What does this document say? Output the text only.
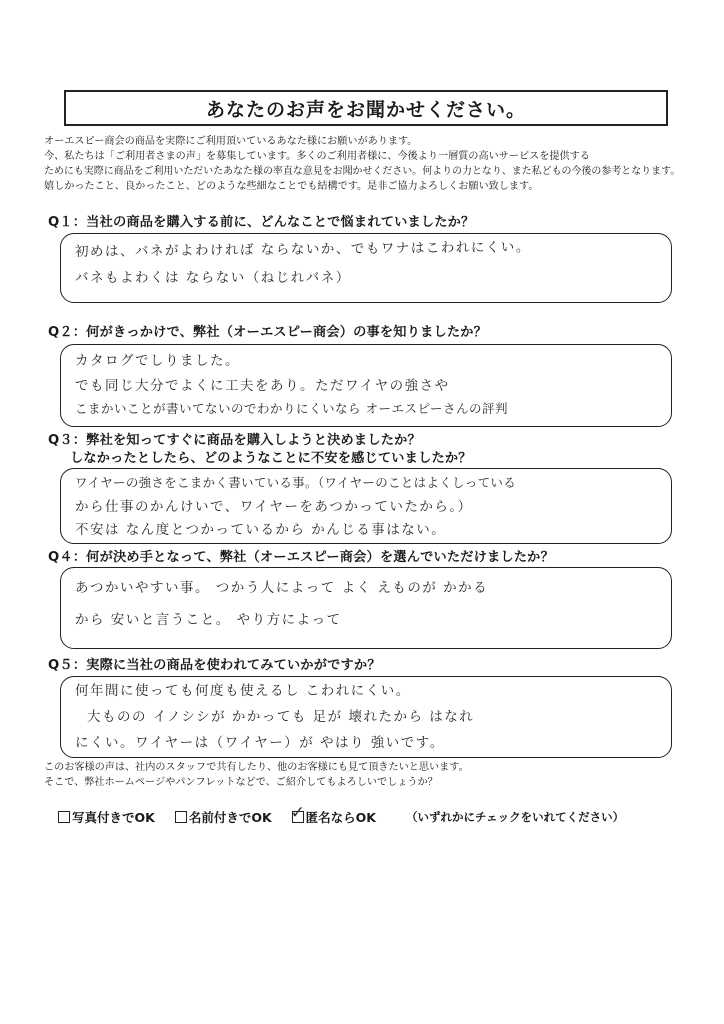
あなたのお声をお聞かせください。
オーエスピー商会の商品を実際にご利用頂いているあなた様にお願いがあります。
今、私たちは「ご利用者さまの声」を募集しています。多くのご利用者様に、今後より一層質の高いサービスを提供する
ためにも実際に商品をご利用いただいたあなた様の率直な意見をお聞かせください。何よりの力となり、また私どもの今後の参考となります。
嬉しかったこと、良かったこと、どのような些細なことでも結構です。是非ご協力よろしくお願い致します。
Q１：当社の商品を購入する前に、どんなことで悩まれていましたか？
初めは、バネがよわければ ならないか、でもワナはこわれにくい。
バネもよわくは ならない（ねじれバネ）
Q２：何がきっかけで、弊社（オーエスピー商会）の事を知りましたか？
カタログでしりました。
でも同じ大分でよくに工夫をあり。ただワイヤの強さや
こまかいことが書いてないのでわかりにくいなら オーエスピーさんの評判
Q３：弊社を知ってすぐに商品を購入しようと決めましたか？
しなかったとしたら、どのようなことに不安を感じていましたか？
ワイヤーの強さをこまかく書いている事。（ワイヤーのことはよくしっている
から仕事のかんけいで、ワイヤーをあつかっていたから。）
不安は なん度とつかっているから かんじる事はない。
Q４：何が決め手となって、弊社（オーエスピー商会）を選んでいただけましたか？
あつかいやすい事。 つかう人によって よく えものが かかる
から 安いと言うこと。 やり方によって
Q５：実際に当社の商品を使われてみていかがですか？
何年間に使っても何度も使えるし こわれにくい。
大ものの イノシシが かかっても 足が 壊れたから はなれ
にくい。ワイヤーは（ワイヤー）が やはり 強いです。
このお客様の声は、社内のスタッフで共有したり、他のお客様にも見て頂きたいと思います。
そこで、弊社ホームページやパンフレットなどで、ご紹介してもよろしいでしょうか？
写真付きでOK	名前付きでOK
✓	匿名ならOK	（いずれかにチェックをいれてください）
